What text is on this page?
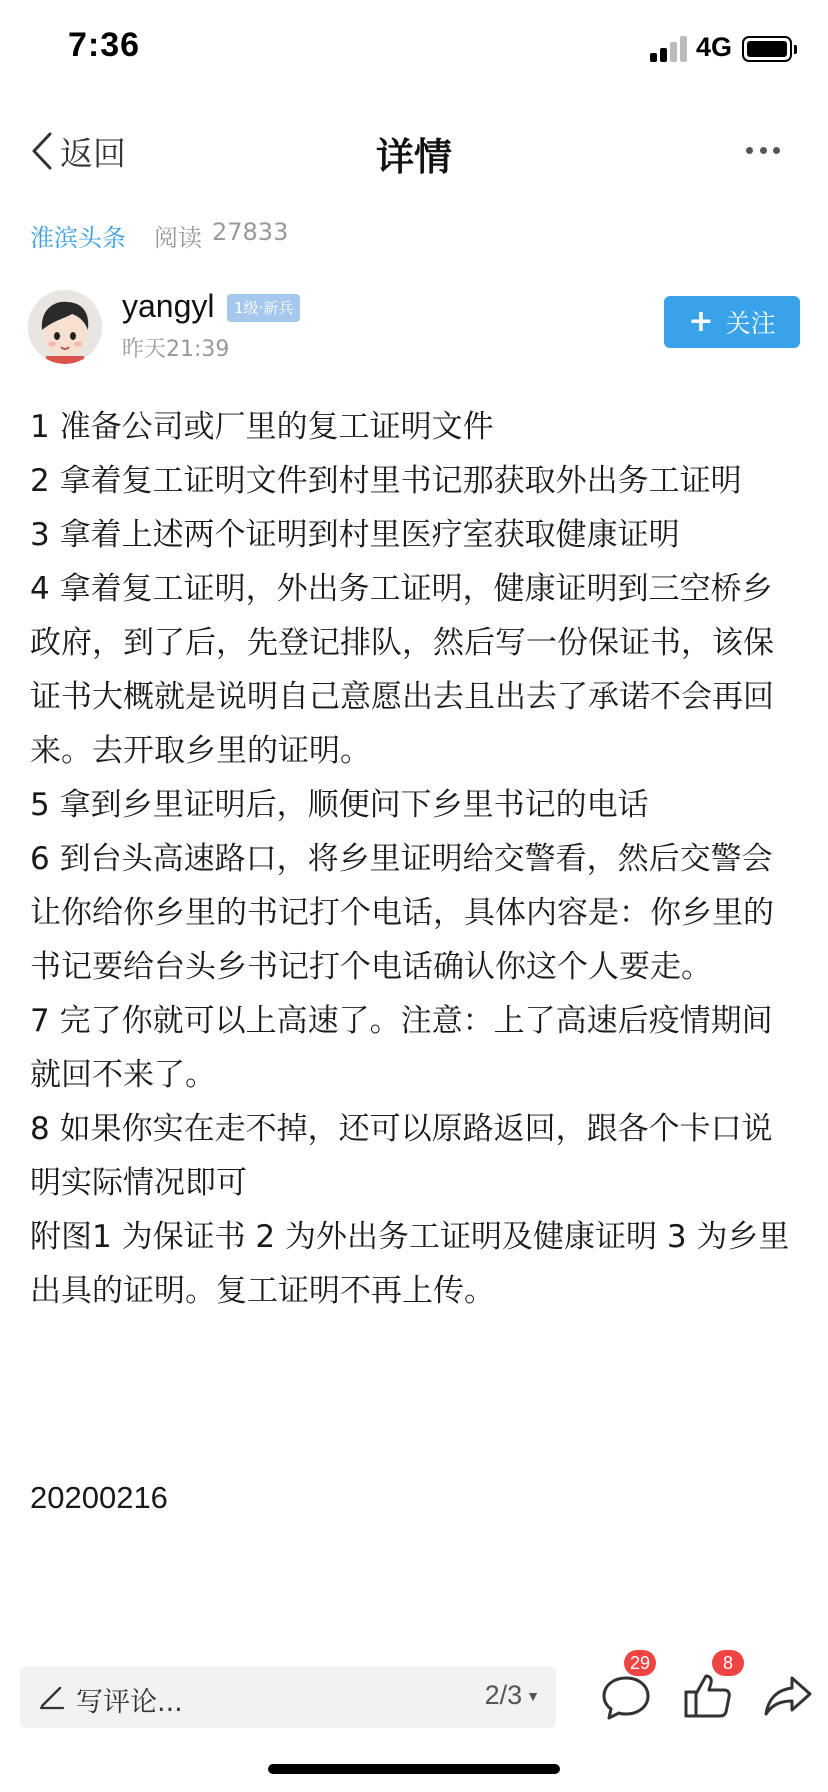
7:36	4G
返回	详情
淮滨头条 阅读 27833
yangyl	1级·新兵
昨天21:39
+ 关注

1 准备公司或厂里的复工证明文件

2 拿着复工证明文件到村里书记那获取外出务工证明

3 拿着上述两个证明到村里医疗室获取健康证明

4 拿着复工证明，外出务工证明，健康证明到三空桥乡政府，到了后，先登记排队，然后写一份保证书，该保证书大概就是说明自己意愿出去且出去了承诺不会再回来。去开取乡里的证明。

5 拿到乡里证明后，顺便问下乡里书记的电话

6 到台头高速路口，将乡里证明给交警看，然后交警会让你给你乡里的书记打个电话，具体内容是：你乡里的书记要给台头乡书记打个电话确认你这个人要走。

7 完了你就可以上高速了。注意：上了高速后疫情期间就回不来了。

8 如果你实在走不掉，还可以原路返回，跟各个卡口说明实际情况即可

附图1 为保证书 2 为外出务工证明及健康证明 3 为乡里出具的证明。复工证明不再上传。

20200216
写评论...	2/3 ▼
29	8
